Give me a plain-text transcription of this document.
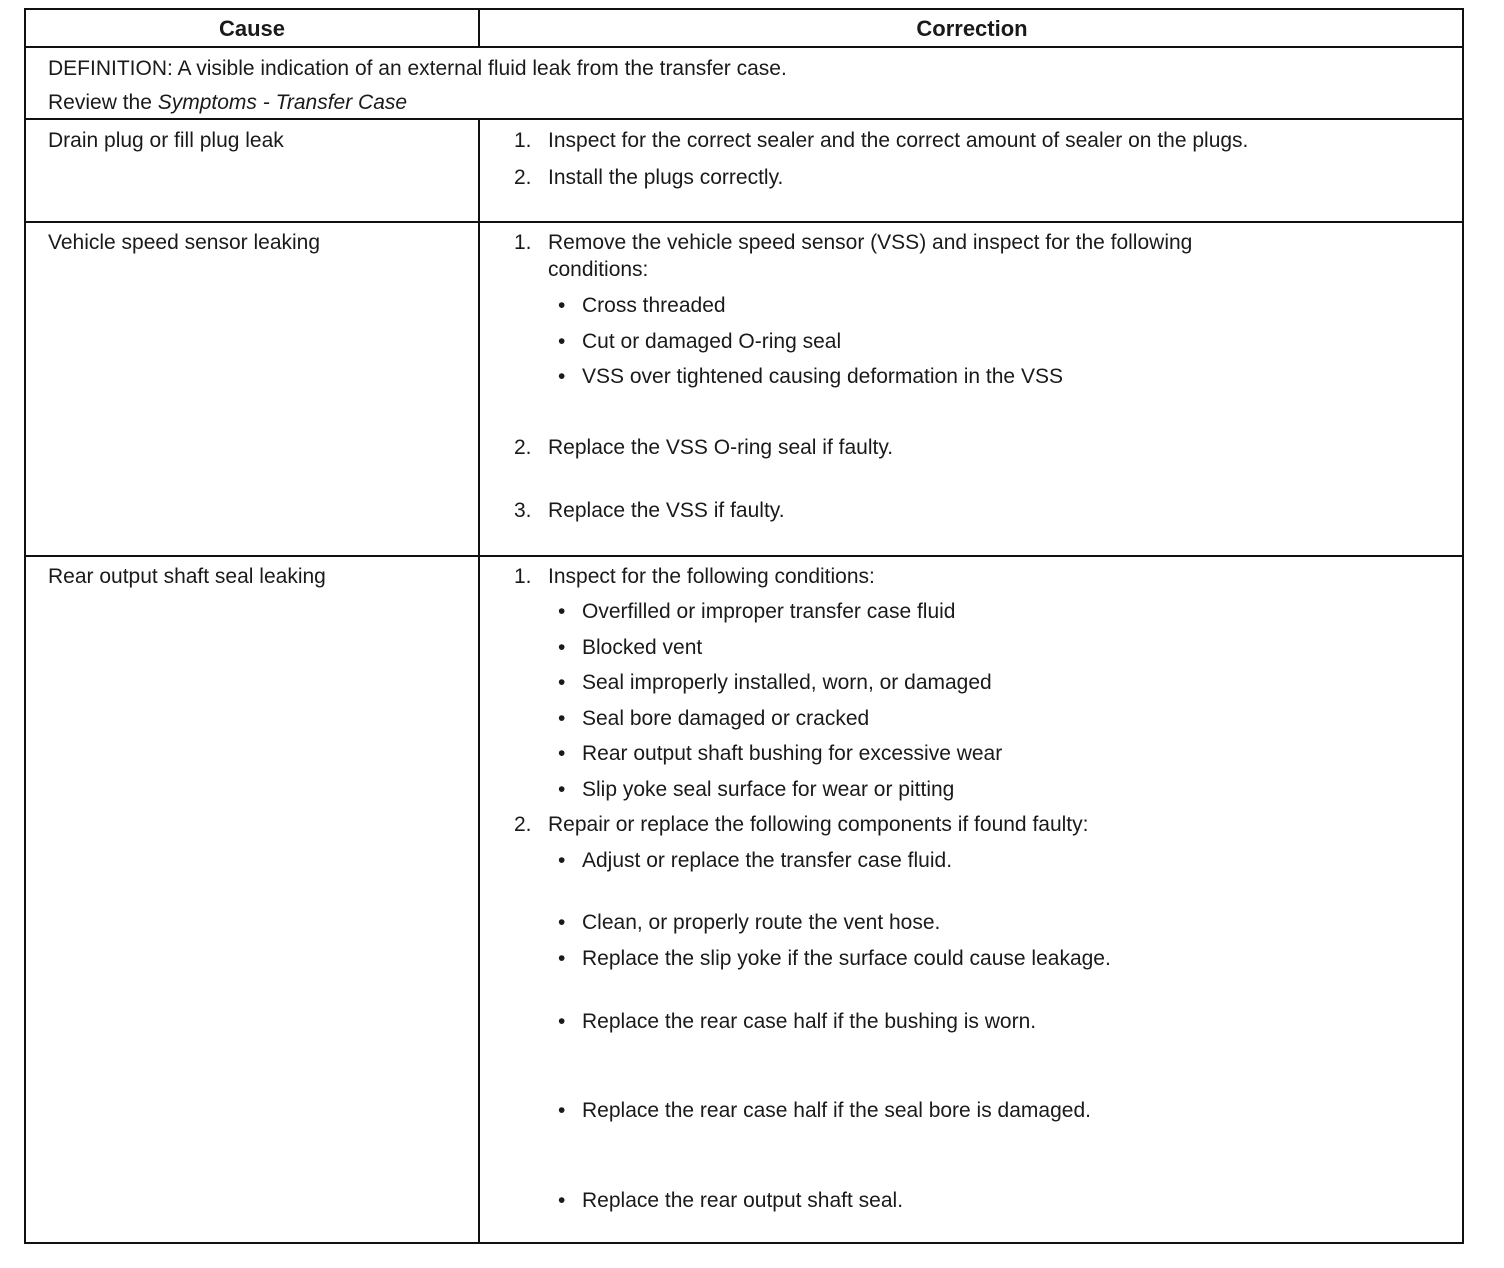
Cause	Correction
DEFINITION: A visible indication of an external fluid leak from the transfer case.
Review the Symptoms - Transfer Case
Drain plug or fill plug leak	1. Inspect for the correct sealer and the correct amount of sealer on the plugs.
2. Install the plugs correctly.
Vehicle speed sensor leaking	1. Remove the vehicle speed sensor (VSS) and inspect for the following
conditions:
• Cross threaded
• Cut or damaged O-ring seal
• VSS over tightened causing deformation in the VSS
2. Replace the VSS O-ring seal if faulty.
3. Replace the VSS if faulty.
Rear output shaft seal leaking	1. Inspect for the following conditions:
• Overfilled or improper transfer case fluid
• Blocked vent
• Seal improperly installed, worn, or damaged
• Seal bore damaged or cracked
• Rear output shaft bushing for excessive wear
• Slip yoke seal surface for wear or pitting
2. Repair or replace the following components if found faulty:
• Adjust or replace the transfer case fluid.
• Clean, or properly route the vent hose.
• Replace the slip yoke if the surface could cause leakage.
• Replace the rear case half if the bushing is worn.
• Replace the rear case half if the seal bore is damaged.
• Replace the rear output shaft seal.
